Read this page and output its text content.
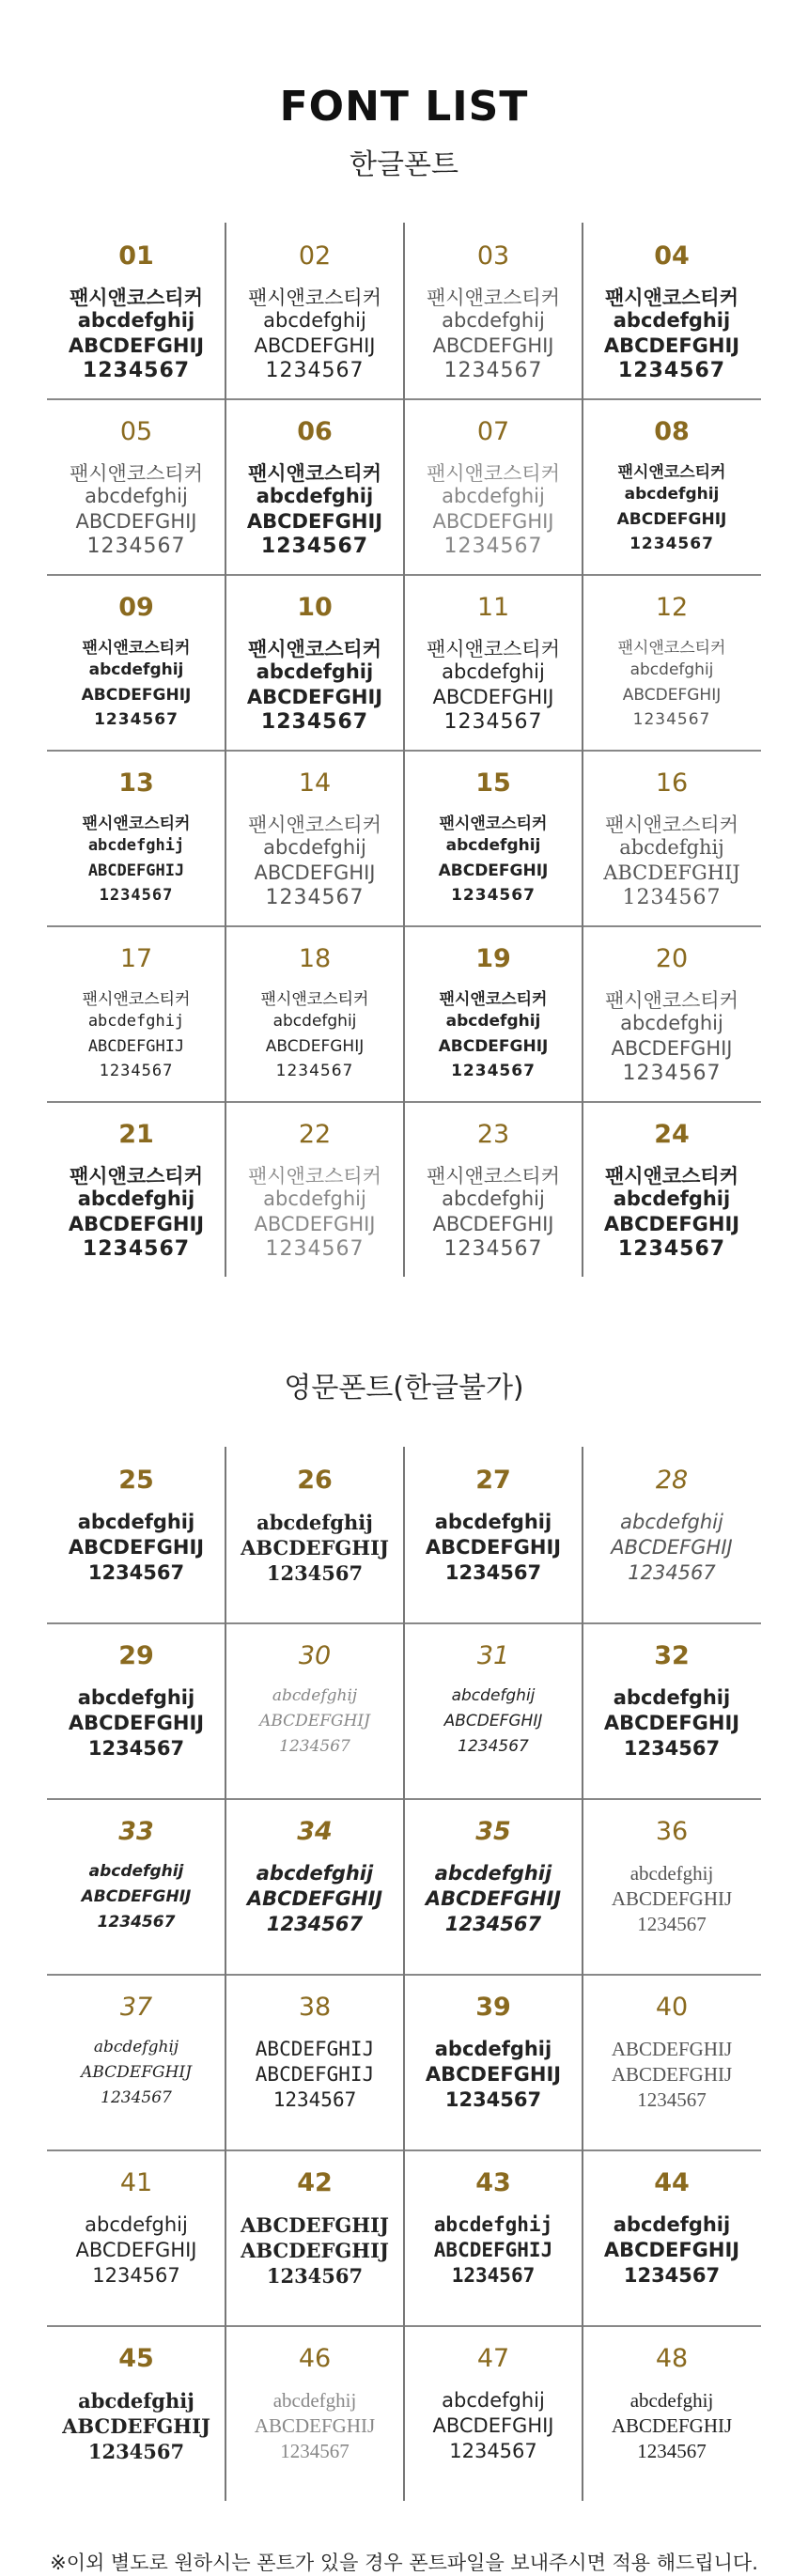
FONT LIST
한글폰트
01
팬시앤코스티커
abcdefghij
ABCDEFGHIJ
1234567
02
팬시앤코스티커
abcdefghij
ABCDEFGHIJ
1234567
03
팬시앤코스티커
abcdefghij
ABCDEFGHIJ
1234567
04
팬시앤코스티커
abcdefghij
ABCDEFGHIJ
1234567
05
팬시앤코스티커
abcdefghij
ABCDEFGHIJ
1234567
06
팬시앤코스티커
abcdefghij
ABCDEFGHIJ
1234567
07
팬시앤코스티커
abcdefghij
ABCDEFGHIJ
1234567
08
팬시앤코스티커
abcdefghij
ABCDEFGHIJ
1234567
09
팬시앤코스티커
abcdefghij
ABCDEFGHIJ
1234567
10
팬시앤코스티커
abcdefghij
ABCDEFGHIJ
1234567
11
팬시앤코스티커
abcdefghij
ABCDEFGHIJ
1234567
12
팬시앤코스티커
abcdefghij
ABCDEFGHIJ
1234567
13
팬시앤코스티커
abcdefghij
ABCDEFGHIJ
1234567
14
팬시앤코스티커
abcdefghij
ABCDEFGHIJ
1234567
15
팬시앤코스티커
abcdefghij
ABCDEFGHIJ
1234567
16
팬시앤코스티커
abcdefghij
ABCDEFGHIJ
1234567
17
팬시앤코스티커
abcdefghij
ABCDEFGHIJ
1234567
18
팬시앤코스티커
abcdefghij
ABCDEFGHIJ
1234567
19
팬시앤코스티커
abcdefghij
ABCDEFGHIJ
1234567
20
팬시앤코스티커
abcdefghij
ABCDEFGHIJ
1234567
21
팬시앤코스티커
abcdefghij
ABCDEFGHIJ
1234567
22
팬시앤코스티커
abcdefghij
ABCDEFGHIJ
1234567
23
팬시앤코스티커
abcdefghij
ABCDEFGHIJ
1234567
24
팬시앤코스티커
abcdefghij
ABCDEFGHIJ
1234567
영문폰트(한글불가)
25
abcdefghij
ABCDEFGHIJ
1234567
26
abcdefghij
ABCDEFGHIJ
1234567
27
abcdefghij
ABCDEFGHIJ
1234567
28
abcdefghij
ABCDEFGHIJ
1234567
29
abcdefghij
ABCDEFGHIJ
1234567
30
abcdefghij
ABCDEFGHIJ
1234567
31
abcdefghij
ABCDEFGHIJ
1234567
32
abcdefghij
ABCDEFGHIJ
1234567
33
abcdefghij
ABCDEFGHIJ
1234567
34
abcdefghij
ABCDEFGHIJ
1234567
35
abcdefghij
ABCDEFGHIJ
1234567
36
abcdefghij
ABCDEFGHIJ
1234567
37
abcdefghij
ABCDEFGHIJ
1234567
38
ABCDEFGHIJ
ABCDEFGHIJ
1234567
39
abcdefghij
ABCDEFGHIJ
1234567
40
ABCDEFGHIJ
ABCDEFGHIJ
1234567
41
abcdefghij
ABCDEFGHIJ
1234567
42
ABCDEFGHIJ
ABCDEFGHIJ
1234567
43
abcdefghij
ABCDEFGHIJ
1234567
44
abcdefghij
ABCDEFGHIJ
1234567
45
abcdefghij
ABCDEFGHIJ
1234567
46
abcdefghij
ABCDEFGHIJ
1234567
47
abcdefghij
ABCDEFGHIJ
1234567
48
abcdefghij
ABCDEFGHIJ
1234567
※이외 별도로 원하시는 폰트가 있을 경우 폰트파일을 보내주시면 적용 해드립니다.
